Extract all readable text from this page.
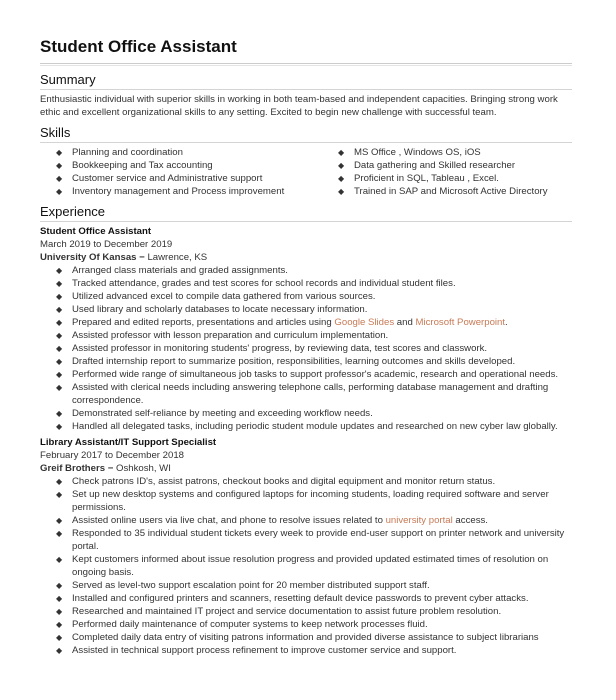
Student Office Assistant
Summary
Enthusiastic individual with superior skills in working in both team-based and independent capacities. Bringing strong work ethic and excellent organizational skills to any setting. Excited to begin new challenge with successful team.
Skills
◆ Planning and coordination
◆ Bookkeeping and Tax accounting
◆ Customer service and Administrative support
◆ Inventory management and Process improvement
◆ MS Office , Windows OS, iOS
◆ Data gathering and Skilled researcher
◆ Proficient in SQL, Tableau , Excel.
◆ Trained in SAP and Microsoft Active Directory
Experience
Student Office Assistant
March 2019 to December 2019
University Of Kansas − Lawrence, KS
◆ Arranged class materials and graded assignments.
◆ Tracked attendance, grades and test scores for school records and individual student files.
◆ Utilized advanced excel to compile data gathered from various sources.
◆ Used library and scholarly databases to locate necessary information.
◆ Prepared and edited reports, presentations and articles using Google Slides and Microsoft Powerpoint.
◆ Assisted professor with lesson preparation and curriculum implementation.
◆ Assisted professor in monitoring students' progress, by reviewing data, test scores and classwork.
◆ Drafted internship report to summarize position, responsibilities, learning outcomes and skills developed.
◆ Performed wide range of simultaneous job tasks to support professor's academic, research and operational needs.
◆ Assisted with clerical needs including answering telephone calls, performing database management and drafting correspondence.
◆ Demonstrated self-reliance by meeting and exceeding workflow needs.
◆ Handled all delegated tasks, including periodic student module updates and researched on new cyber law globally.
Library Assistant/IT Support Specialist
February 2017 to December 2018
Greif Brothers − Oshkosh, WI
◆ Check patrons ID's, assist patrons, checkout books and digital equipment and monitor return status.
◆ Set up new desktop systems and configured laptops for incoming students, loading required software and server permissions.
◆ Assisted online users via live chat, and phone to resolve issues related to university portal access.
◆ Responded to 35 individual student tickets every week to provide end-user support on printer network and university portal.
◆ Kept customers informed about issue resolution progress and provided updated estimated times of resolution on ongoing basis.
◆ Served as level-two support escalation point for 20 member distributed support staff.
◆ Installed and configured printers and scanners, resetting default device passwords to prevent cyber attacks.
◆ Researched and maintained IT project and service documentation to assist future problem resolution.
◆ Performed daily maintenance of computer systems to keep network processes fluid.
◆ Completed daily data entry of visiting patrons information and provided diverse assistance to subject librarians
◆ Assisted in technical support process refinement to improve customer service and support.
